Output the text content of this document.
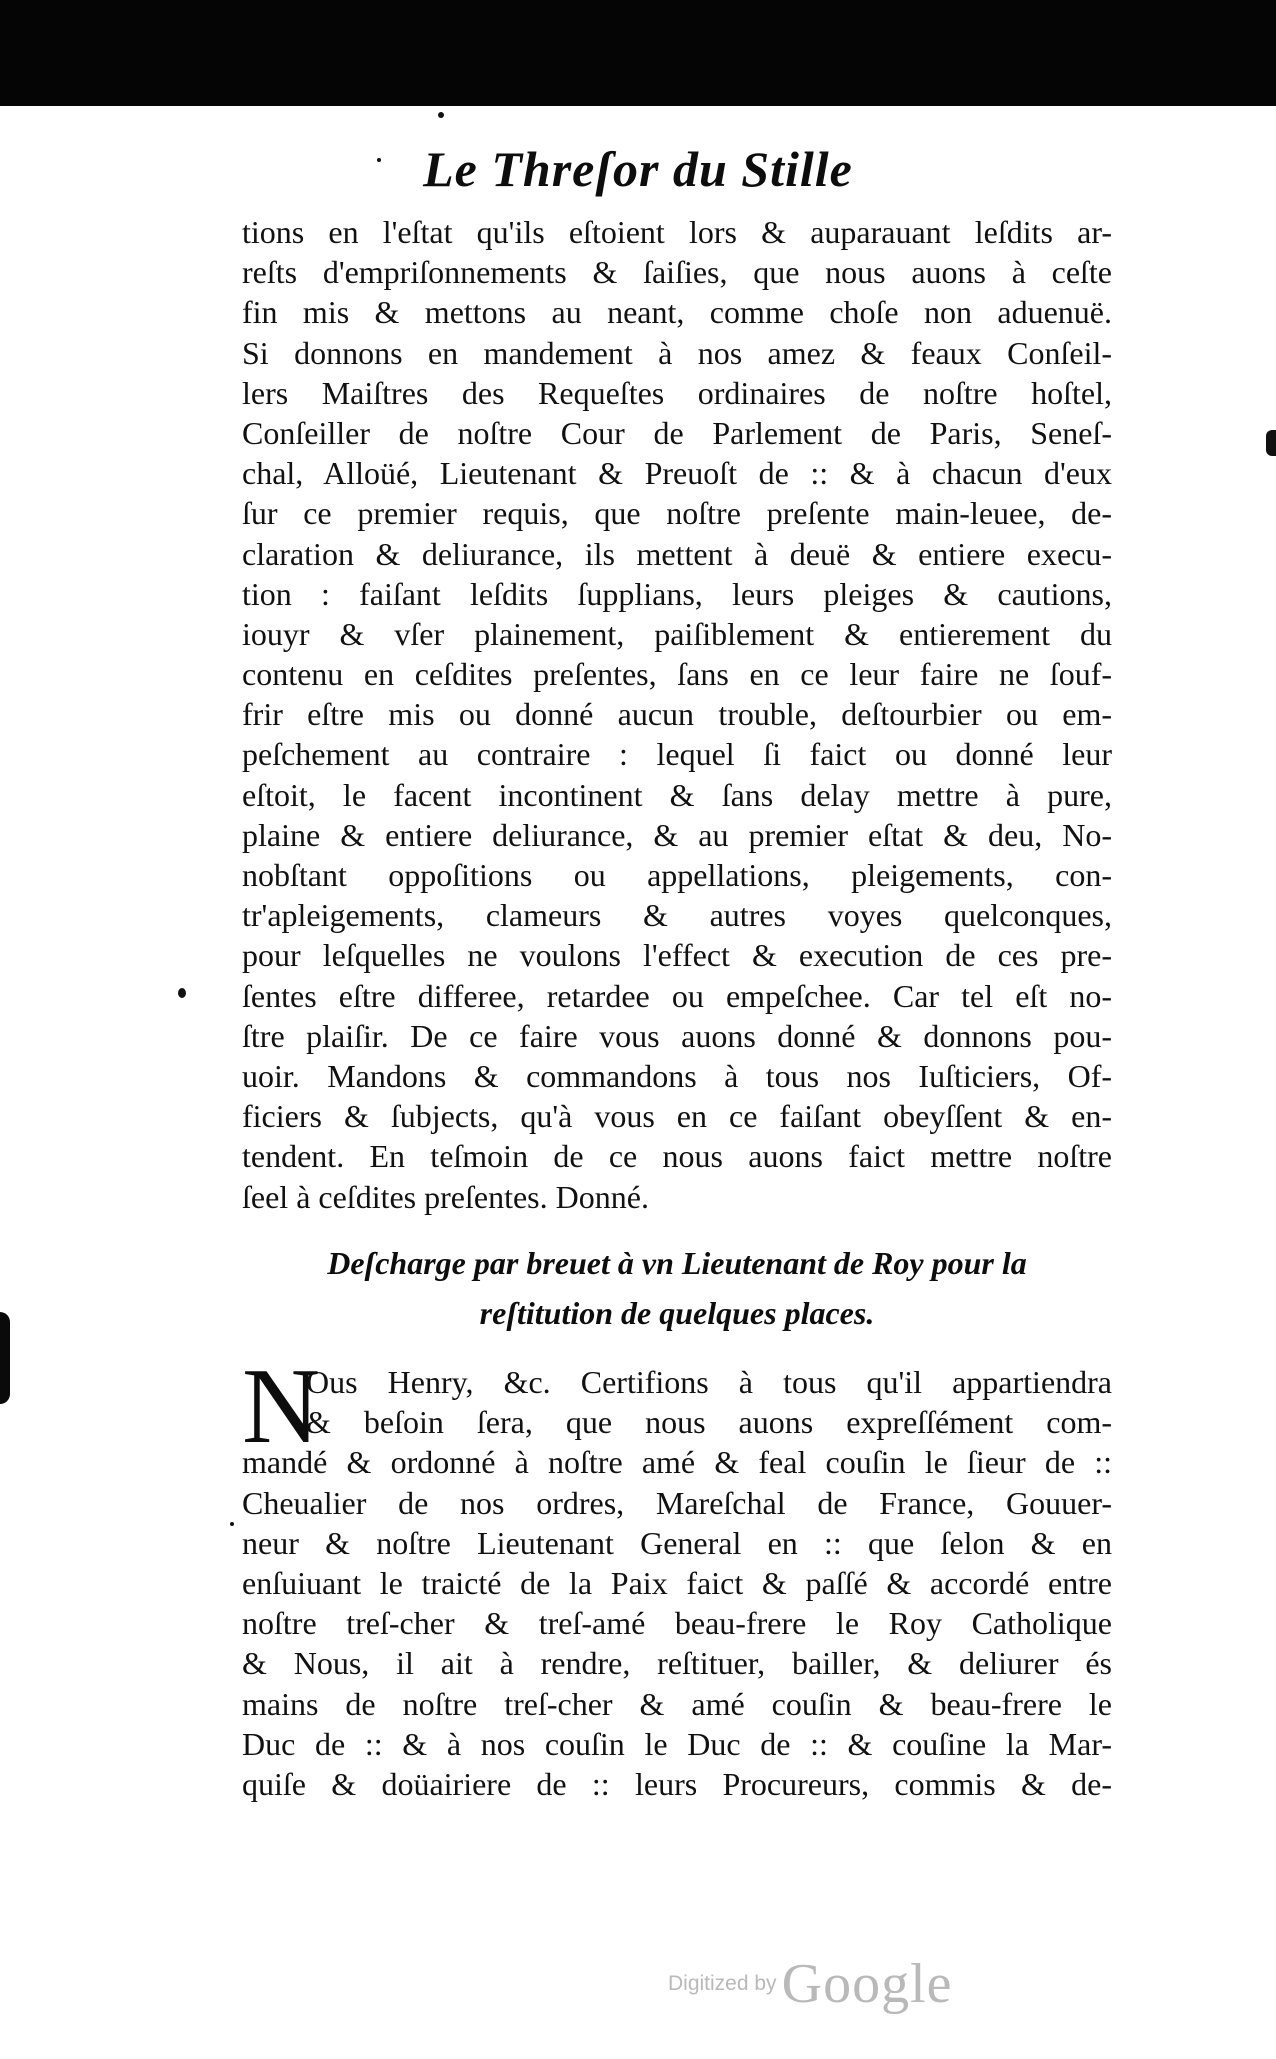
Le Threſor du Stille
tions en l'eſtat qu'ils eſtoient lors & auparauant leſdits ar-
reſts d'empriſonnements & ſaiſies, que nous auons à ceſte
fin mis & mettons au neant, comme choſe non aduenuë.
Si donnons en mandement à nos amez & feaux Conſeil-
lers Maiſtres des Requeſtes ordinaires de noſtre hoſtel,
Conſeiller de noſtre Cour de Parlement de Paris, Seneſ-
chal, Alloüé, Lieutenant & Preuoſt de :: & à chacun d'eux
ſur ce premier requis, que noſtre preſente main-leuee, de-
claration & deliurance, ils mettent à deuë & entiere execu-
tion : faiſant leſdits ſupplians, leurs pleiges & cautions,
iouyr & vſer plainement, paiſiblement & entierement du
contenu en ceſdites preſentes, ſans en ce leur faire ne ſouf-
frir eſtre mis ou donné aucun trouble, deſtourbier ou em-
peſchement au contraire : lequel ſi faict ou donné leur
eſtoit, le facent incontinent & ſans delay mettre à pure,
plaine & entiere deliurance, & au premier eſtat & deu, No-
nobſtant oppoſitions ou appellations, pleigements, con-
tr'apleigements, clameurs & autres voyes quelconques,
pour leſquelles ne voulons l'effect & execution de ces pre-
ſentes eſtre differee, retardee ou empeſchee. Car tel eſt no-
ſtre plaiſir. De ce faire vous auons donné & donnons pou-
uoir. Mandons & commandons à tous nos Iuſticiers, Of-
ficiers & ſubjects, qu'à vous en ce faiſant obeyſſent & en-
tendent. En teſmoin de ce nous auons faict mettre noſtre
ſeel à ceſdites preſentes. Donné.
Deſcharge par breuet à vn Lieutenant de Roy pour la
reſtitution de quelques places.
N
Ous Henry, &c. Certifions à tous qu'il appartiendra
& beſoin ſera, que nous auons expreſſément com-
mandé & ordonné à noſtre amé & feal couſin le ſieur de ::
Cheualier de nos ordres, Mareſchal de France, Gouuer-
neur & noſtre Lieutenant General en :: que ſelon & en
enſuiuant le traicté de la Paix faict & paſſé & accordé entre
noſtre treſ-cher & treſ-amé beau-frere le Roy Catholique
& Nous, il ait à rendre, reſtituer, bailler, & deliurer és
mains de noſtre treſ-cher & amé couſin & beau-frere le
Duc de :: & à nos couſin le Duc de :: & couſine la Mar-
quiſe & doüairiere de :: leurs Procureurs, commis & de-
Digitized by Google
